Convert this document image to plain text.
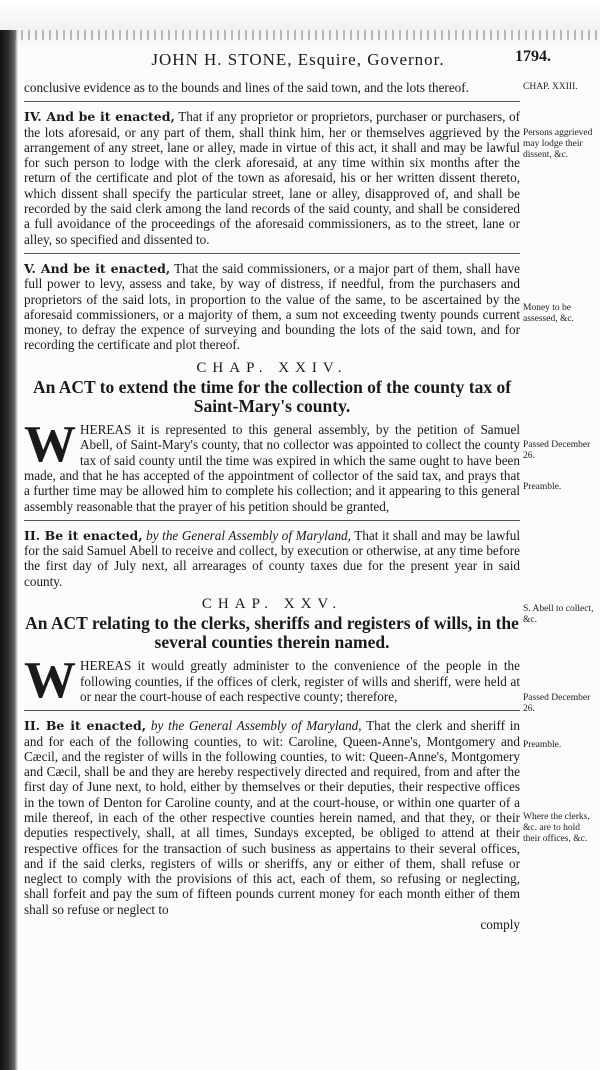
JOHN H. STONE, Esquire, Governor.	1794.
CHAP. XXIII.
Persons aggrieved may lodge their dissent, &c.
Money to be assessed, &c.
Passed December 26.
Preamble.
S. Abell to collect, &c.
Passed December 26.
Preamble.
Where the clerks, &c. are to hold their offices, &c.

conclusive evidence as to the bounds and lines of the said town, and the lots thereof.

IV. And be it enacted, That if any proprietor or proprietors, purchaser or purchasers, of the lots aforesaid, or any part of them, shall think him, her or themselves aggrieved by the arrangement of any street, lane or alley, made in virtue of this act, it shall and may be lawful for such person to lodge with the clerk aforesaid, at any time within six months after the return of the certificate and plot of the town as aforesaid, his or her written dissent thereto, which dissent shall specify the particular street, lane or alley, disapproved of, and shall be recorded by the said clerk among the land records of the said county, and shall be considered a full avoidance of the proceedings of the aforesaid commissioners, as to the street, lane or alley, so specified and dissented to.

V. And be it enacted, That the said commissioners, or a major part of them, shall have full power to levy, assess and take, by way of distress, if needful, from the purchasers and proprietors of the said lots, in proportion to the value of the same, to be ascertained by the aforesaid commissioners, or a majority of them, a sum not exceeding twenty pounds current money, to defray the expence of surveying and bounding the lots of the said town, and for recording the certificate and plot thereof.

CHAP. XXIV.
An ACT to extend the time for the collection of the county tax of Saint-Mary's county.

WHEREAS it is represented to this general assembly, by the petition of Samuel Abell, of Saint-Mary's county, that no collector was appointed to collect the county tax of said county until the time was expired in which the same ought to have been made, and that he has accepted of the appointment of collector of the said tax, and prays that a further time may be allowed him to complete his collection; and it appearing to this general assembly reasonable that the prayer of his petition should be granted,

II. Be it enacted, by the General Assembly of Maryland, That it shall and may be lawful for the said Samuel Abell to receive and collect, by execution or otherwise, at any time before the first day of July next, all arrearages of county taxes due for the present year in said county.

CHAP. XXV.
An ACT relating to the clerks, sheriffs and registers of wills, in the several counties therein named.

WHEREAS it would greatly administer to the convenience of the people in the following counties, if the offices of clerk, register of wills and sheriff, were held at or near the court-house of each respective county; therefore,

II. Be it enacted, by the General Assembly of Maryland, That the clerk and sheriff in and for each of the following counties, to wit: Caroline, Queen-Anne's, Montgomery and Cæcil, and the register of wills in the following counties, to wit: Queen-Anne's, Montgomery and Cæcil, shall be and they are hereby respectively directed and required, from and after the first day of June next, to hold, either by themselves or their deputies, their respective offices in the town of Denton for Caroline county, and at the court-house, or within one quarter of a mile thereof, in each of the other respective counties herein named, and that they, or their deputies respectively, shall, at all times, Sundays excepted, be obliged to attend at their respective offices for the transaction of such business as appertains to their several offices, and if the said clerks, registers of wills or sheriffs, any or either of them, shall refuse or neglect to comply with the provisions of this act, each of them, so refusing or neglecting, shall forfeit and pay the sum of fifteen pounds current money for each month either of them shall so refuse or neglect to

comply
